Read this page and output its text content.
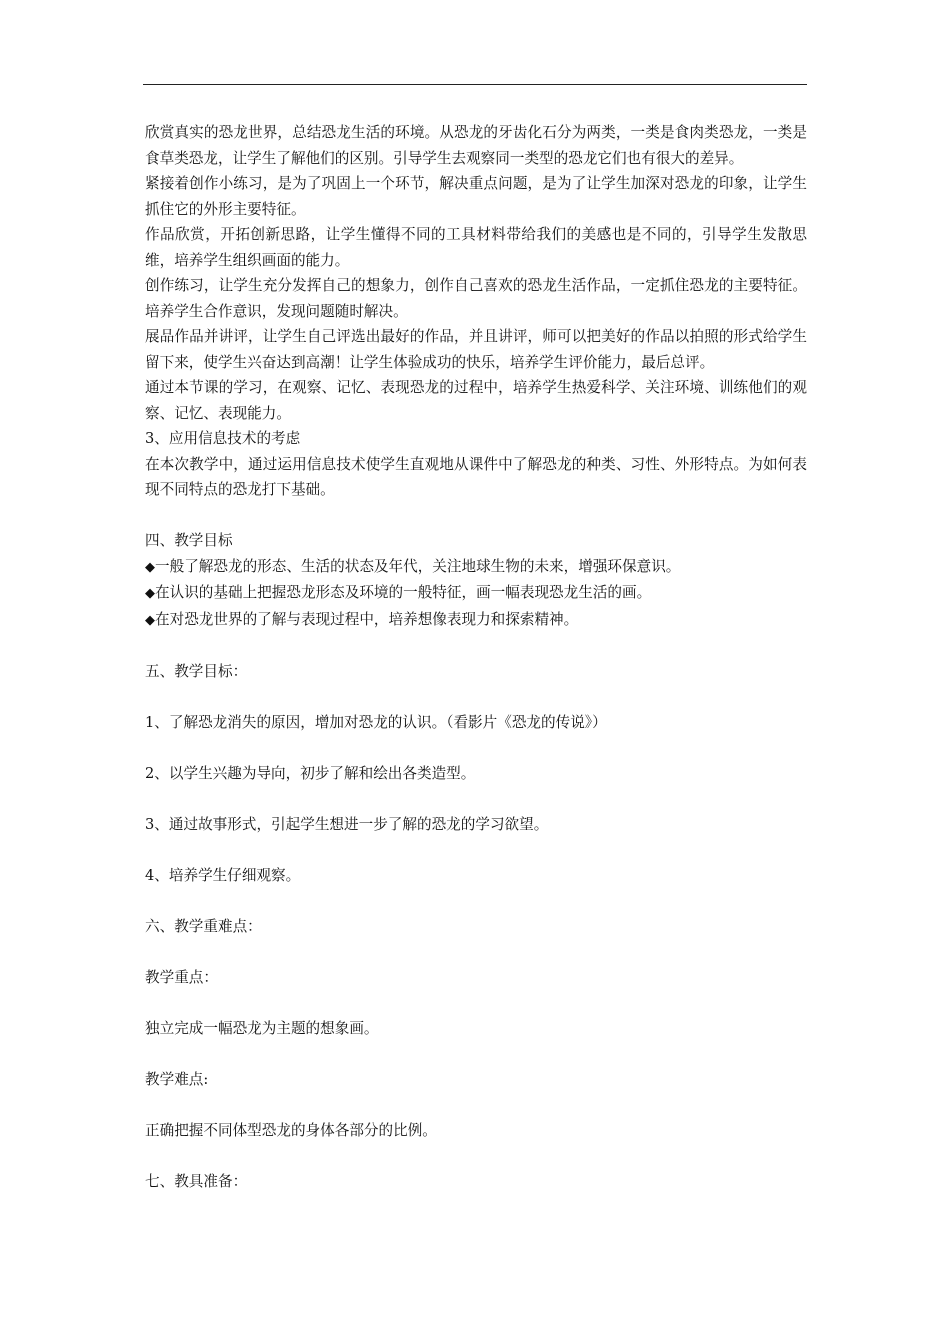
欣赏真实的恐龙世界，总结恐龙生活的环境。从恐龙的牙齿化石分为两类，一类是食肉类恐龙，一类是食草类恐龙，让学生了解他们的区别。引导学生去观察同一类型的恐龙它们也有很大的差异。

紧接着创作小练习，是为了巩固上一个环节，解决重点问题，是为了让学生加深对恐龙的印象，让学生抓住它的外形主要特征。

作品欣赏，开拓创新思路，让学生懂得不同的工具材料带给我们的美感也是不同的，引导学生发散思维，培养学生组织画面的能力。

创作练习，让学生充分发挥自己的想象力，创作自己喜欢的恐龙生活作品，一定抓住恐龙的主要特征。培养学生合作意识，发现问题随时解决。

展品作品并讲评，让学生自己评选出最好的作品，并且讲评，师可以把美好的作品以拍照的形式给学生留下来，使学生兴奋达到高潮！让学生体验成功的快乐，培养学生评价能力，最后总评。

通过本节课的学习，在观察、记忆、表现恐龙的过程中，培养学生热爱科学、关注环境、训练他们的观察、记忆、表现能力。

3、应用信息技术的考虑

在本次教学中，通过运用信息技术使学生直观地从课件中了解恐龙的种类、习性、外形特点。为如何表现不同特点的恐龙打下基础。

四、教学目标

◆一般了解恐龙的形态、生活的状态及年代，关注地球生物的未来，增强环保意识。

◆在认识的基础上把握恐龙形态及环境的一般特征，画一幅表现恐龙生活的画。

◆在对恐龙世界的了解与表现过程中，培养想像表现力和探索精神。

五、教学目标：

1、了解恐龙消失的原因，增加对恐龙的认识。（看影片《恐龙的传说》）

2、以学生兴趣为导向，初步了解和绘出各类造型。

3、通过故事形式，引起学生想进一步了解的恐龙的学习欲望。

4、培养学生仔细观察。

六、教学重难点：

教学重点：

独立完成一幅恐龙为主题的想象画。

教学难点:

正确把握不同体型恐龙的身体各部分的比例。

七、教具准备：
